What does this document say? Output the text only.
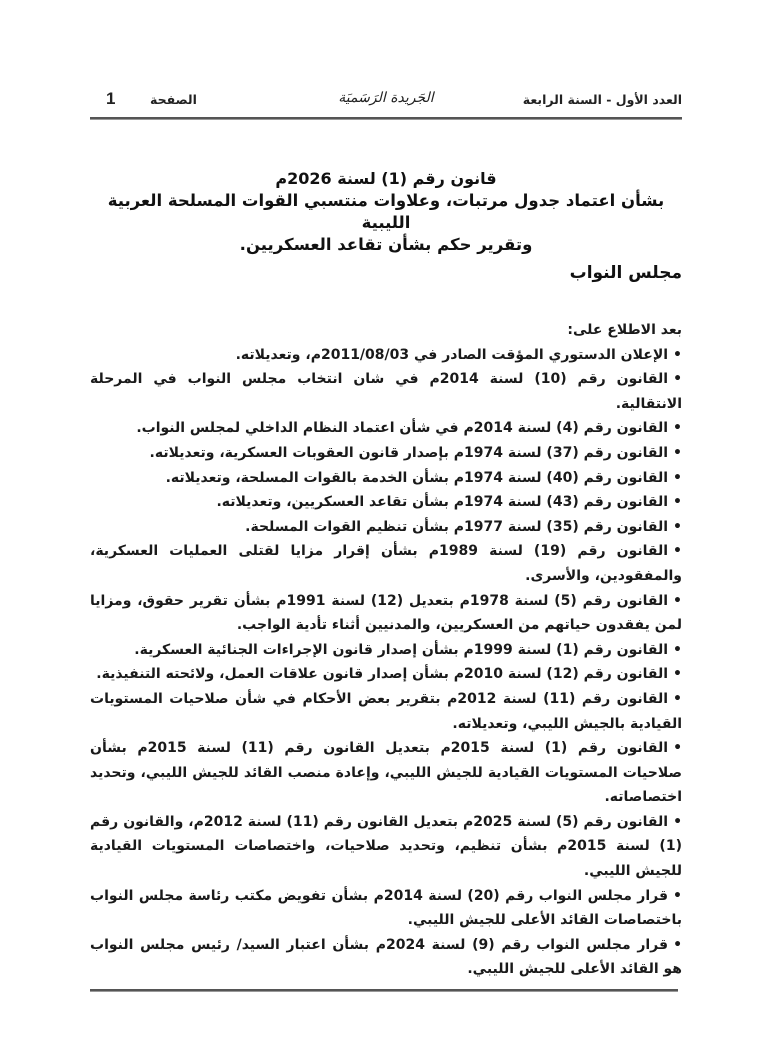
العدد الأول - السنة الرابعة
الجَريدة الرَسَميَة
الصفحة
1
قانون رقم (1) لسنة 2026م
بشأن اعتماد جدول مرتبات، وعلاوات منتسبي القوات المسلحة العربية الليبية
وتقرير حكم بشأن تقاعد العسكريين.
مجلس النواب

بعد الاطلاع على:

•الإعلان الدستوري المؤقت الصادر في 2011/08/03م، وتعديلاته.
•القانون رقم (10) لسنة 2014م في شان انتخاب مجلس النواب في المرحلة الانتقالية.
•القانون رقم (4) لسنة 2014م في شأن اعتماد النظام الداخلي لمجلس النواب.
•القانون رقم (37) لسنة 1974م بإصدار قانون العقوبات العسكرية، وتعديلاته.
•القانون رقم (40) لسنة 1974م بشأن الخدمة بالقوات المسلحة، وتعديلاته.
•القانون رقم (43) لسنة 1974م بشأن تقاعد العسكريين، وتعديلاته.
•القانون رقم (35) لسنة 1977م بشأن تنظيم القوات المسلحة.
•القانون رقم (19) لسنة 1989م بشأن إقرار مزايا لقتلى العمليات العسكرية، والمفقودين، والأسرى.
•القانون رقم (5) لسنة 1978م بتعديل (12) لسنة 1991م بشأن تقرير حقوق، ومزايا لمن يفقدون حياتهم من العسكريين، والمدنيين أثناء تأدية الواجب.
•القانون رقم (1) لسنة 1999م بشأن إصدار قانون الإجراءات الجنائية العسكرية.
•القانون رقم (12) لسنة 2010م بشأن إصدار قانون علاقات العمل، ولائحته التنفيذية.
•القانون رقم (11) لسنة 2012م بتقرير بعض الأحكام في شأن صلاحيات المستويات القيادية بالجيش الليبي، وتعديلاته.
•القانون رقم (1) لسنة 2015م بتعديل القانون رقم (11) لسنة 2015م بشأن صلاحيات المستويات القيادية للجيش الليبي، وإعادة منصب القائد للجيش الليبي، وتحديد اختصاصاته.
•القانون رقم (5) لسنة 2025م بتعديل القانون رقم (11) لسنة 2012م، والقانون رقم (1) لسنة 2015م بشأن تنظيم، وتحديد صلاحيات، واختصاصات المستويات القيادية للجيش الليبي.
•قرار مجلس النواب رقم (20) لسنة 2014م بشأن تفويض مكتب رئاسة مجلس النواب باختصاصات القائد الأعلى للجيش الليبي.
•قرار مجلس النواب رقم (9) لسنة 2024م بشأن اعتبار السيد/ رئيس مجلس النواب هو القائد الأعلى للجيش الليبي.
